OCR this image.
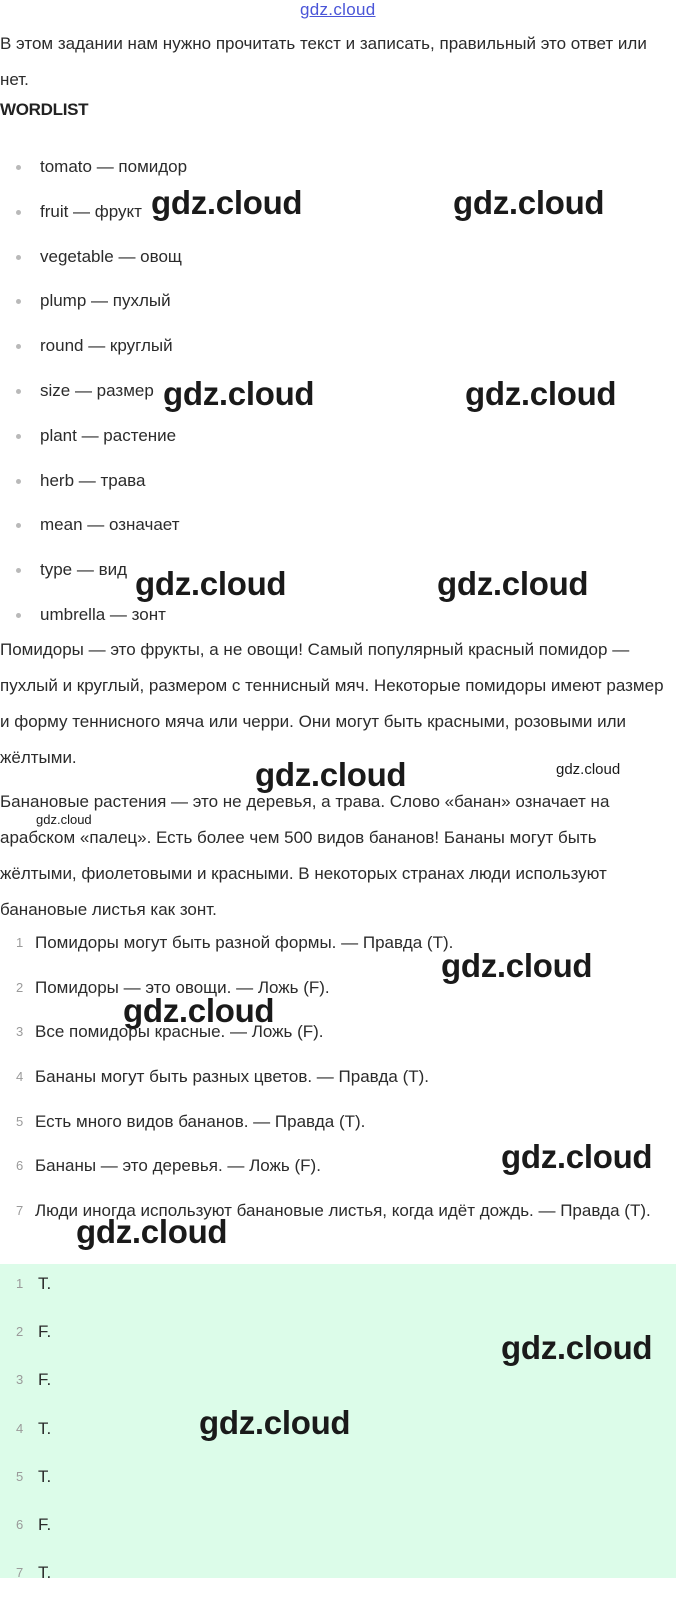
gdz.cloud
В этом задании нам нужно прочитать текст и записать, правильный это ответ или нет.
WORDLIST
tomato — помидор
fruit — фрукт
vegetable — овощ
plump — пухлый
round — круглый
size — размер
plant — растение
herb — трава
mean — означает
type — вид
umbrella — зонт
Помидоры — это фрукты, а не овощи! Самый популярный красный помидор — пухлый и круглый, размером с теннисный мяч. Некоторые помидоры имеют размер и форму теннисного мяча или черри. Они могут быть красными, розовыми или жёлтыми.
Банановые растения — это не деревья, а трава. Слово «банан» означает на арабском «палец». Есть более чем 500 видов бананов! Бананы могут быть жёлтыми, фиолетовыми и красными. В некоторых странах люди используют банановые листья как зонт.
1 Помидоры могут быть разной формы. — Правда (T).
2 Помидоры — это овощи. — Ложь (F).
3 Все помидоры красные. — Ложь (F).
4 Бананы могут быть разных цветов. — Правда (T).
5 Есть много видов бананов. — Правда (T).
6 Бананы — это деревья. — Ложь (F).
7 Люди иногда используют банановые листья, когда идёт дождь. — Правда (T).
1 T.
2 F.
3 F.
4 T.
5 T.
6 F.
7 T.
gdz.cloud	gdz.cloud
gdz.cloud	gdz.cloud
gdz.cloud	gdz.cloud
gdz.cloud	gdz.cloud
gdz.cloud
gdz.cloud
gdz.cloud
gdz.cloud
gdz.cloud
gdz.cloud
gdz.cloud
